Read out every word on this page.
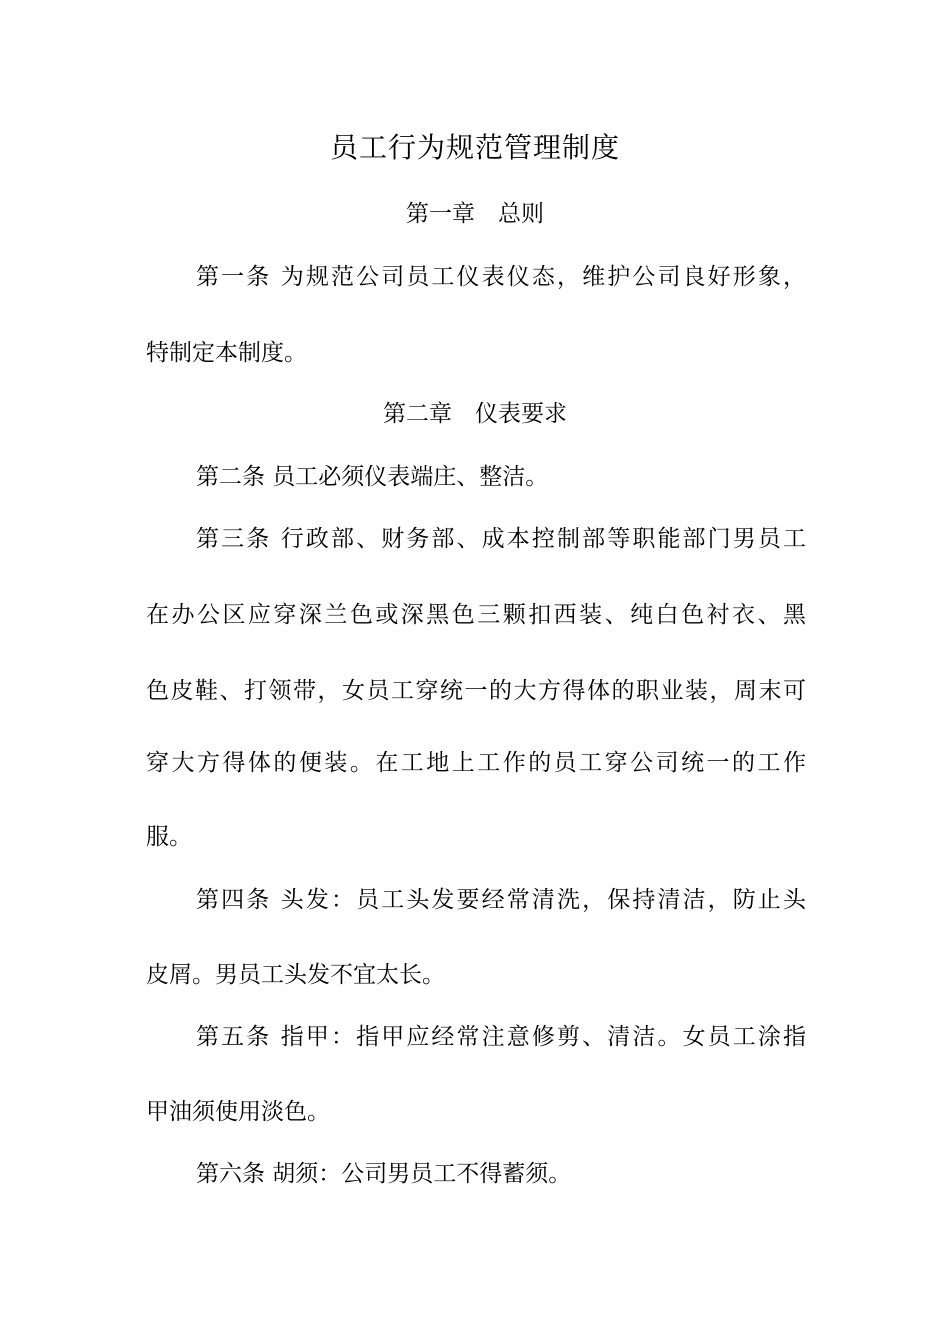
员工行为规范管理制度
第一章　总则
第一条 为规范公司员工仪表仪态，维护公司良好形象，
特制定本制度。
第二章　仪表要求
第二条 员工必须仪表端庄、整洁。
第三条 行政部、财务部、成本控制部等职能部门男员工
在办公区应穿深兰色或深黑色三颗扣西装、纯白色衬衣、黑
色皮鞋、打领带，女员工穿统一的大方得体的职业装，周末可
穿大方得体的便装。在工地上工作的员工穿公司统一的工作
服。
第四条 头发：员工头发要经常清洗，保持清洁，防止头
皮屑。男员工头发不宜太长。
第五条 指甲：指甲应经常注意修剪、清洁。女员工涂指
甲油须使用淡色。
第六条 胡须：公司男员工不得蓄须。
